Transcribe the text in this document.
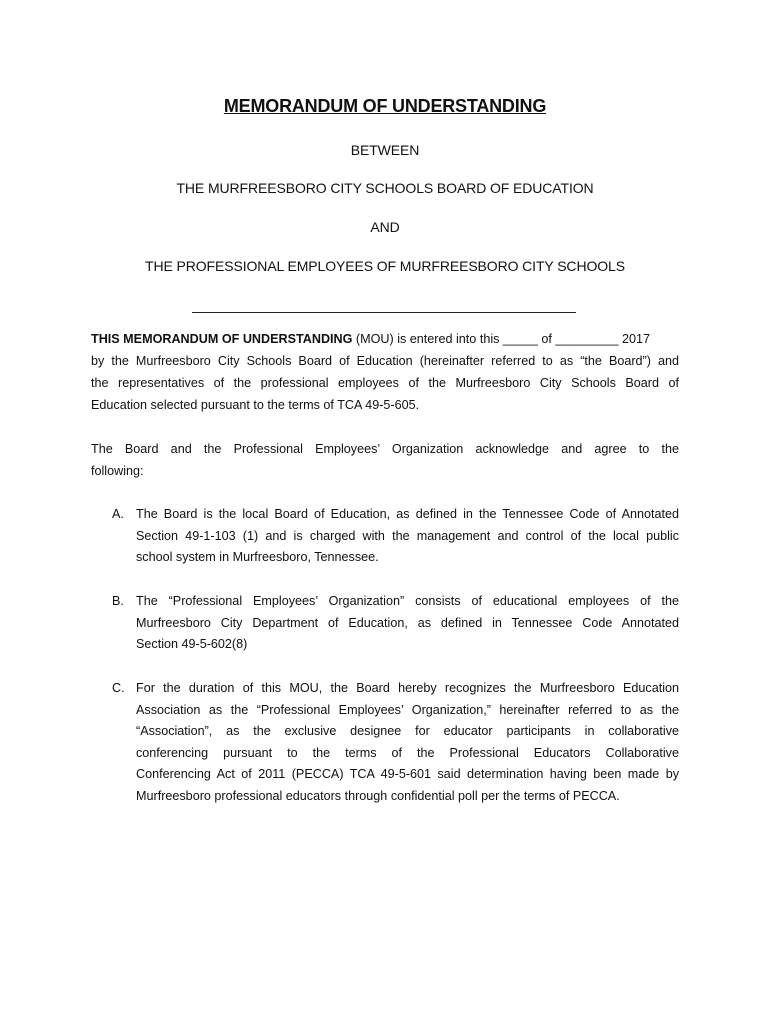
MEMORANDUM OF UNDERSTANDING
BETWEEN
THE MURFREESBORO CITY SCHOOLS BOARD OF EDUCATION
AND
THE PROFESSIONAL EMPLOYEES OF MURFREESBORO CITY SCHOOLS
THIS MEMORANDUM OF UNDERSTANDING (MOU) is entered into this _____ of _________ 2017
by the Murfreesboro City Schools Board of Education (hereinafter referred to as “the Board”) and
the representatives of the professional employees of the Murfreesboro City Schools Board of
Education selected pursuant to the terms of TCA 49-5-605.
The Board and the Professional Employees’ Organization acknowledge and agree to the
following:
A. The Board is the local Board of Education, as defined in the Tennessee Code of Annotated
Section 49-1-103 (1) and is charged with the management and control of the local public
school system in Murfreesboro, Tennessee.
B. The “Professional Employees’ Organization” consists of educational employees of the
Murfreesboro City Department of Education, as defined in Tennessee Code Annotated
Section 49-5-602(8)
C. For the duration of this MOU, the Board hereby recognizes the Murfreesboro Education
Association as the “Professional Employees’ Organization,” hereinafter referred to as the
“Association”, as the exclusive designee for educator participants in collaborative
conferencing pursuant to the terms of the Professional Educators Collaborative
Conferencing Act of 2011 (PECCA) TCA 49-5-601 said determination having been made by
Murfreesboro professional educators through confidential poll per the terms of PECCA.
